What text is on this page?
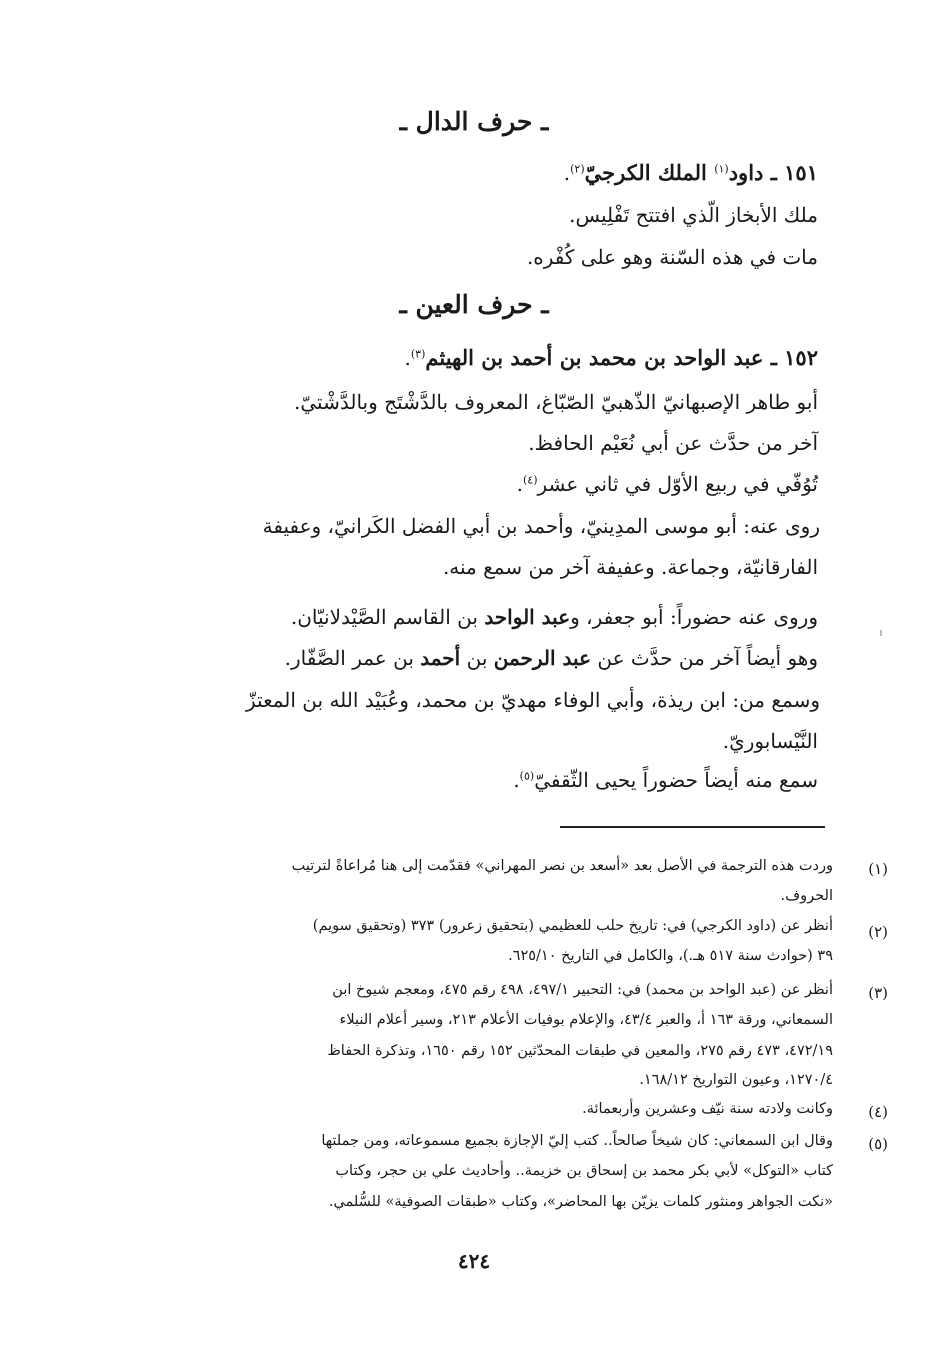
ـ حرف الدال ـ
١٥١ ـ داود$^{(١)}$ الملك الكرجيّ$^{(٢)}$.
ملك الأبخاز الّذي افتتح تَفْلِيس.
مات في هذه السّنة وهو على كُفْره.
ـ حرف العين ـ
١٥٢ ـ عبد الواحد بن محمد بن أحمد بن الهيثم$^{(٣)}$.
أبو طاهر الإصبهانيّ الذّهبيّ الصّبّاغ، المعروف بالدَّشْتَج وبالدَّشْتيّ.
آخر من حدَّث عن أبي نُعَيْم الحافظ.
تُوُفّي في ربيع الأوّل في ثاني عشر$^{(٤)}$.
روى عنه: أبو موسى المدِينيّ، وأحمد بن أبي الفضل الكَرانيّ، وعفيفة
الفارقانيّة، وجماعة. وعفيفة آخر من سمع منه.
وروى عنه حضوراً: أبو جعفر، وعبد الواحد بن القاسم الصَّيْدلانيّان.
وهو أيضاً آخر من حدَّث عن عبد الرحمن بن أحمد بن عمر الصَّفّار.
وسمع من: ابن ريذة، وأبي الوفاء مهديّ بن محمد، وعُبَيْد الله بن المعتزّ
النَّيْسابوريّ.
سمع منه أيضاً حضوراً يحيى الثّقفيّ$^{(٥)}$.
(١)
وردت هذه الترجمة في الأصل بعد «أسعد بن نصر المهراني» فقدّمت إلى هنا مُراعاةً لترتيب
الحروف.
(٢)
أنظر عن (داود الكرجي) في: تاريخ حلب للعظيمي (بتحقيق زعرور) ٣٧٣ (وتحقيق سويم)
٣٩ (حوادث سنة ٥١٧ هـ.)، والكامل في التاريخ ٦٢٥/١٠.
(٣)
أنظر عن (عبد الواحد بن محمد) في: التحبير ٤٩٧/١، ٤٩٨ رقم ٤٧٥، ومعجم شيوخ ابن
السمعاني، ورقة ١٦٣ أ، والعبر ٤٣/٤، والإعلام بوفيات الأعلام ٢١٣، وسير أعلام النبلاء
٤٧٢/١٩، ٤٧٣ رقم ٢٧٥، والمعين في طبقات المحدّثين ١٥٢ رقم ١٦٥٠، وتذكرة الحفاظ
١٢٧٠/٤، وعيون التواريخ ١٦٨/١٢.
(٤)
وكانت ولادته سنة نيّف وعشرين وأربعمائة.
(٥)
وقال ابن السمعاني: كان شيخاً صالحاً.. كتب إليّ الإجازة بجميع مسموعاته، ومن جملتها
كتاب «التوكل» لأبي بكر محمد بن إسحاق بن خزيمة.. وأحاديث علي بن حجر، وكتاب
«نكت الجواهر ومنثور كلمات يزيّن بها المحاضر»، وكتاب «طبقات الصوفية» للسُّلمي.
٤٢٤
